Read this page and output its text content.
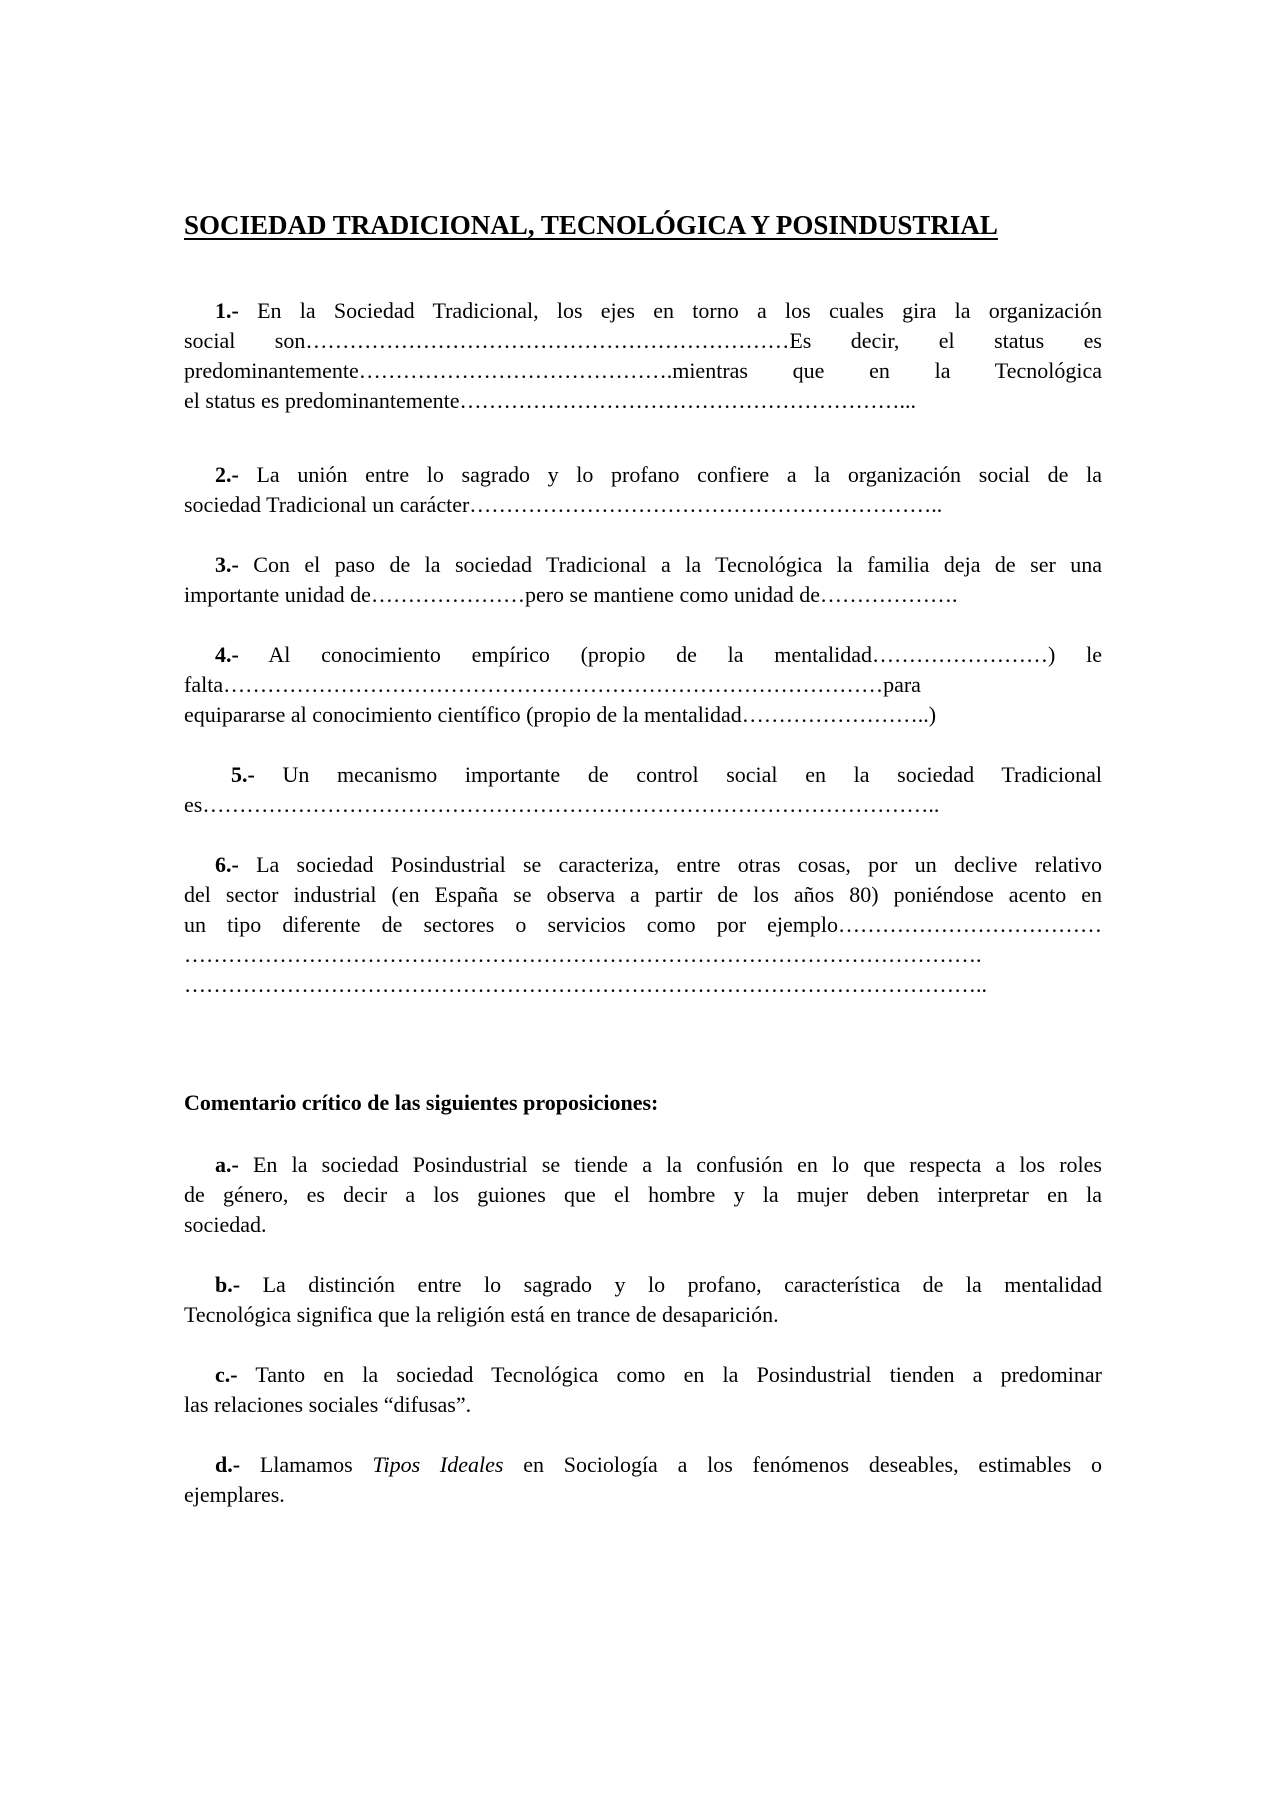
SOCIEDAD TRADICIONAL, TECNOLÓGICA Y POSINDUSTRIAL
1.- En la Sociedad Tradicional, los ejes en torno a los cuales gira la organización
social son…………………………………………………………Es decir, el status es
predominantemente…………………………………….mientras que en la Tecnológica
el status es predominantemente……………………………………………………...
2.- La unión entre lo sagrado y lo profano confiere a la organización social de la
sociedad Tradicional un carácter………………………………………………………..
3.- Con el paso de la sociedad Tradicional a la Tecnológica la familia deja de ser una
importante unidad de…………………pero se mantiene como unidad de……………….
4.- Al conocimiento empírico (propio de la mentalidad……………………) le
falta………………………………………………………………………………para
equipararse al conocimiento científico (propio de la mentalidad……………………..)
5.- Un mecanismo importante de control social en la sociedad Tradicional
es………………………………………………………………………………………..
6.- La sociedad Posindustrial se caracteriza, entre otras cosas, por un declive relativo
del sector industrial (en España se observa a partir de los años 80) poniéndose acento en
un tipo diferente de sectores o servicios como por ejemplo………………………………
……………………………………………………………………………………………….
………………………………………………………………………………………………..

Comentario crítico de las siguientes proposiciones:

a.- En la sociedad Posindustrial se tiende a la confusión en lo que respecta a los roles
de género, es decir a los guiones que el hombre y la mujer deben interpretar en la
sociedad.
b.- La distinción entre lo sagrado y lo profano, característica de la mentalidad
Tecnológica significa que la religión está en trance de desaparición.
c.- Tanto en la sociedad Tecnológica como en la Posindustrial tienden a predominar
las relaciones sociales “difusas”.
d.- Llamamos Tipos Ideales en Sociología a los fenómenos deseables, estimables o
ejemplares.
